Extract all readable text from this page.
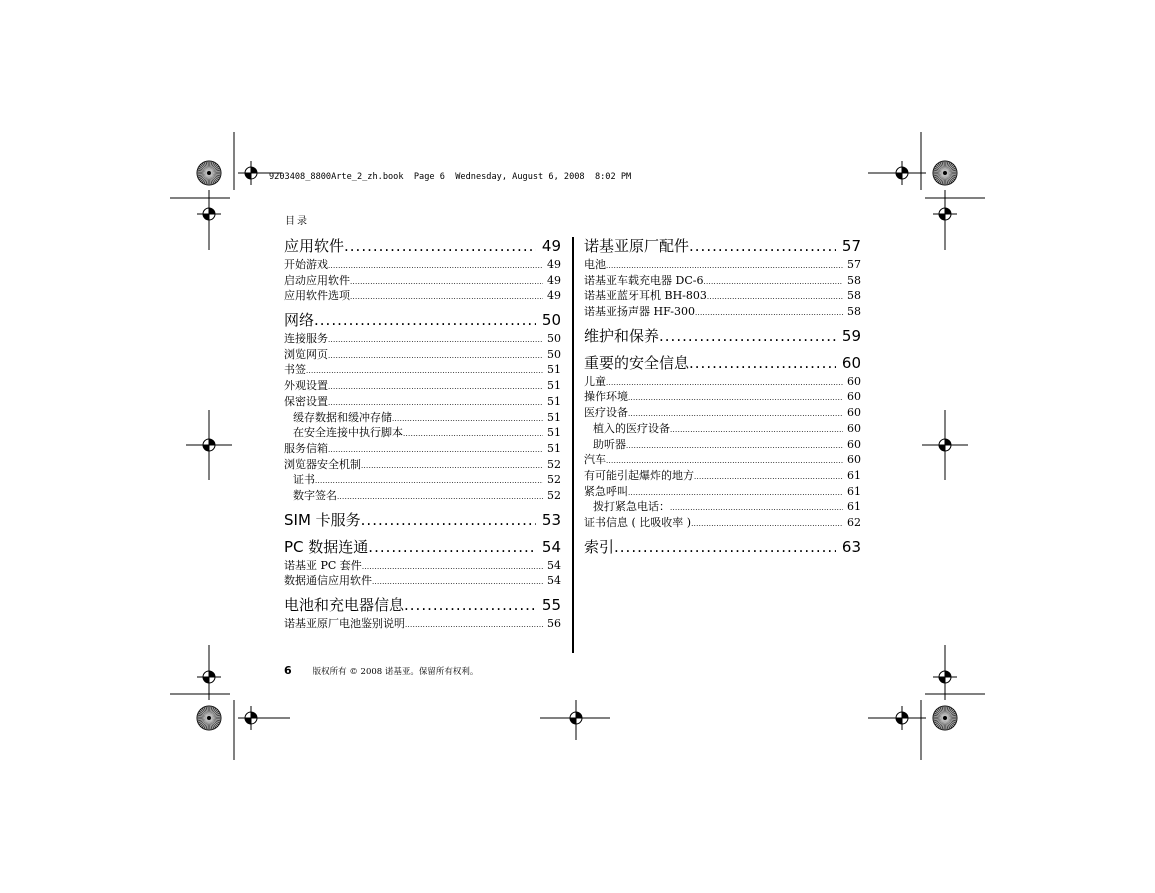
9203408_8800Arte_2_zh.book  Page 6  Wednesday, August 6, 2008  8:02 PM
目录
应用软件 .....	49
开始游戏 .....	49
启动应用软件 .....	49
应用软件选项 .....	49
网络 .....	50
连接服务 .....	50
浏览网页 .....	50
书签 .....	51
外观设置 .....	51
保密设置 .....	51
缓存数据和缓冲存储 .....	51
在安全连接中执行脚本 .....	51
服务信箱 .....	51
浏览器安全机制 .....	52
证书 .....	52
数字签名 .....	52
SIM 卡服务 .....	53
PC 数据连通 .....	54
诺基亚 PC 套件 .....	54
数据通信应用软件 .....	54
电池和充电器信息 .....	55
诺基亚原厂电池鉴别说明 .....	56
诺基亚原厂配件 .....	57
电池 .....	57
诺基亚车载充电器 DC-6 .....	58
诺基亚蓝牙耳机 BH-803 .....	58
诺基亚扬声器 HF-300 .....	58
维护和保养 .....	59
重要的安全信息 .....	60
儿童 .....	60
操作环境 .....	60
医疗设备 .....	60
植入的医疗设备 .....	60
助听器 .....	60
汽车 .....	60
有可能引起爆炸的地方 .....	61
紧急呼叫 .....	61
拨打紧急电话： .....	61
证书信息 ( 比吸收率 ) .....	62
索引 .....	63
6 版权所有 © 2008 诺基亚。保留所有权利。
